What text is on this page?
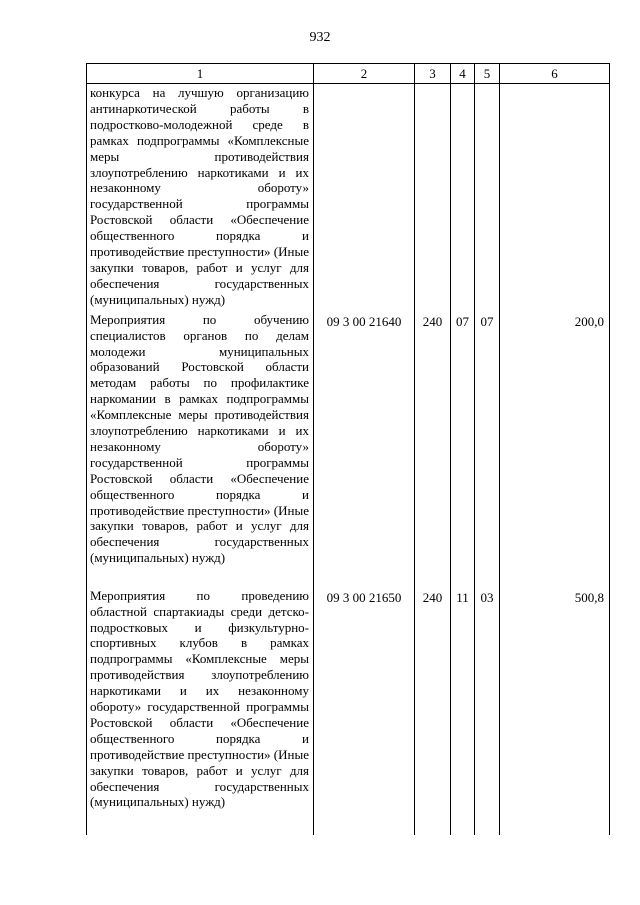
932
1	2	3	4	5	6
конкурса на лучшую организацию антинаркотической работы в подростково-молодежной среде в рамках подпрограммы «Комплексные меры противодействия злоупотреблению наркотиками и их незаконному обороту» государственной программы Ростовской области «Обеспечение общественного порядка и противодействие преступности» (Иные закупки товаров, работ и услуг для обеспечения государственных (муниципальных) нужд)					
Мероприятия по обучению специалистов органов по делам молодежи муниципальных образований Ростовской области методам работы по профилактике наркомании в рамках подпрограммы «Комплексные меры противодействия злоупотреблению наркотиками и их незаконному обороту» государственной программы Ростовской области «Обеспечение общественного порядка и противодействие преступности» (Иные закупки товаров, работ и услуг для обеспечения государственных (муниципальных) нужд)	09 3 00 21640	240	07	07	200,0
Мероприятия по проведению областной спартакиады среди детско-подростковых и физкультурно-спортивных клубов в рамках подпрограммы «Комплексные меры противодействия злоупотреблению наркотиками и их незаконному обороту» государственной программы Ростовской области «Обеспечение общественного порядка и противодействие преступности» (Иные закупки товаров, работ и услуг для обеспечения государственных (муниципальных) нужд)	09 3 00 21650	240	11	03	500,8
